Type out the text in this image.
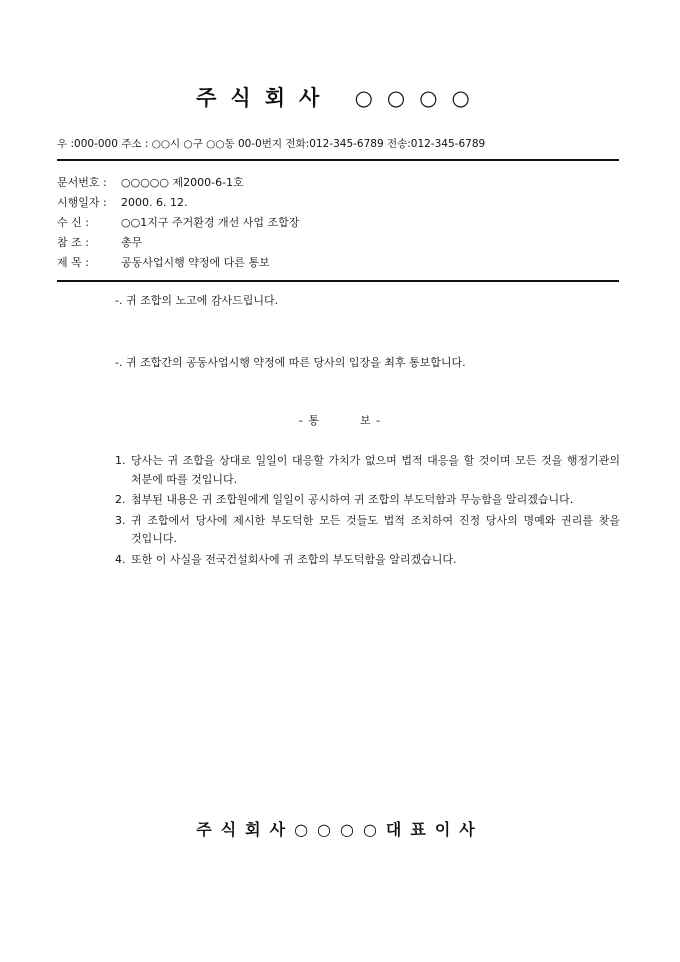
주식회사 ○○○○
우 :000-000 주소 : ○○시 ○구 ○○동 00-0번지 전화:012-345-6789 전송:012-345-6789
문서번호 : ○○○○○ 제2000-6-1호
시행일자 : 2000. 6. 12.
수 신 :	○○1지구 주거환경 개선 사업 조합장
참 조 :	총무
제 목 :	공동사업시행 약정에 다른 통보
-. 귀 조합의 노고에 감사드립니다.
-. 귀 조합간의 공동사업시행 약정에 따른 당사의 입장을 최후 통보합니다.
- 통	보 -
1. 당사는 귀 조합을 상대로 일일이 대응할 가치가 없으며 법적 대응을 할 것이며 모든 것을 행정기관의 처분에 따를 것입니다.
2. 첨부된 내용은 귀 조합원에게 일일이 공시하여 귀 조합의 부도덕함과 무능함을 알리겠습니다.
3. 귀 조합에서 당사에 제시한 부도덕한 모든 것들도 법적 조치하여 진정 당사의 명예와 권리를 찾을 것입니다.
4. 또한 이 사실을 전국건설회사에 귀 조합의 부도덕함을 알리겠습니다.
주식회사○○○○대표이사
